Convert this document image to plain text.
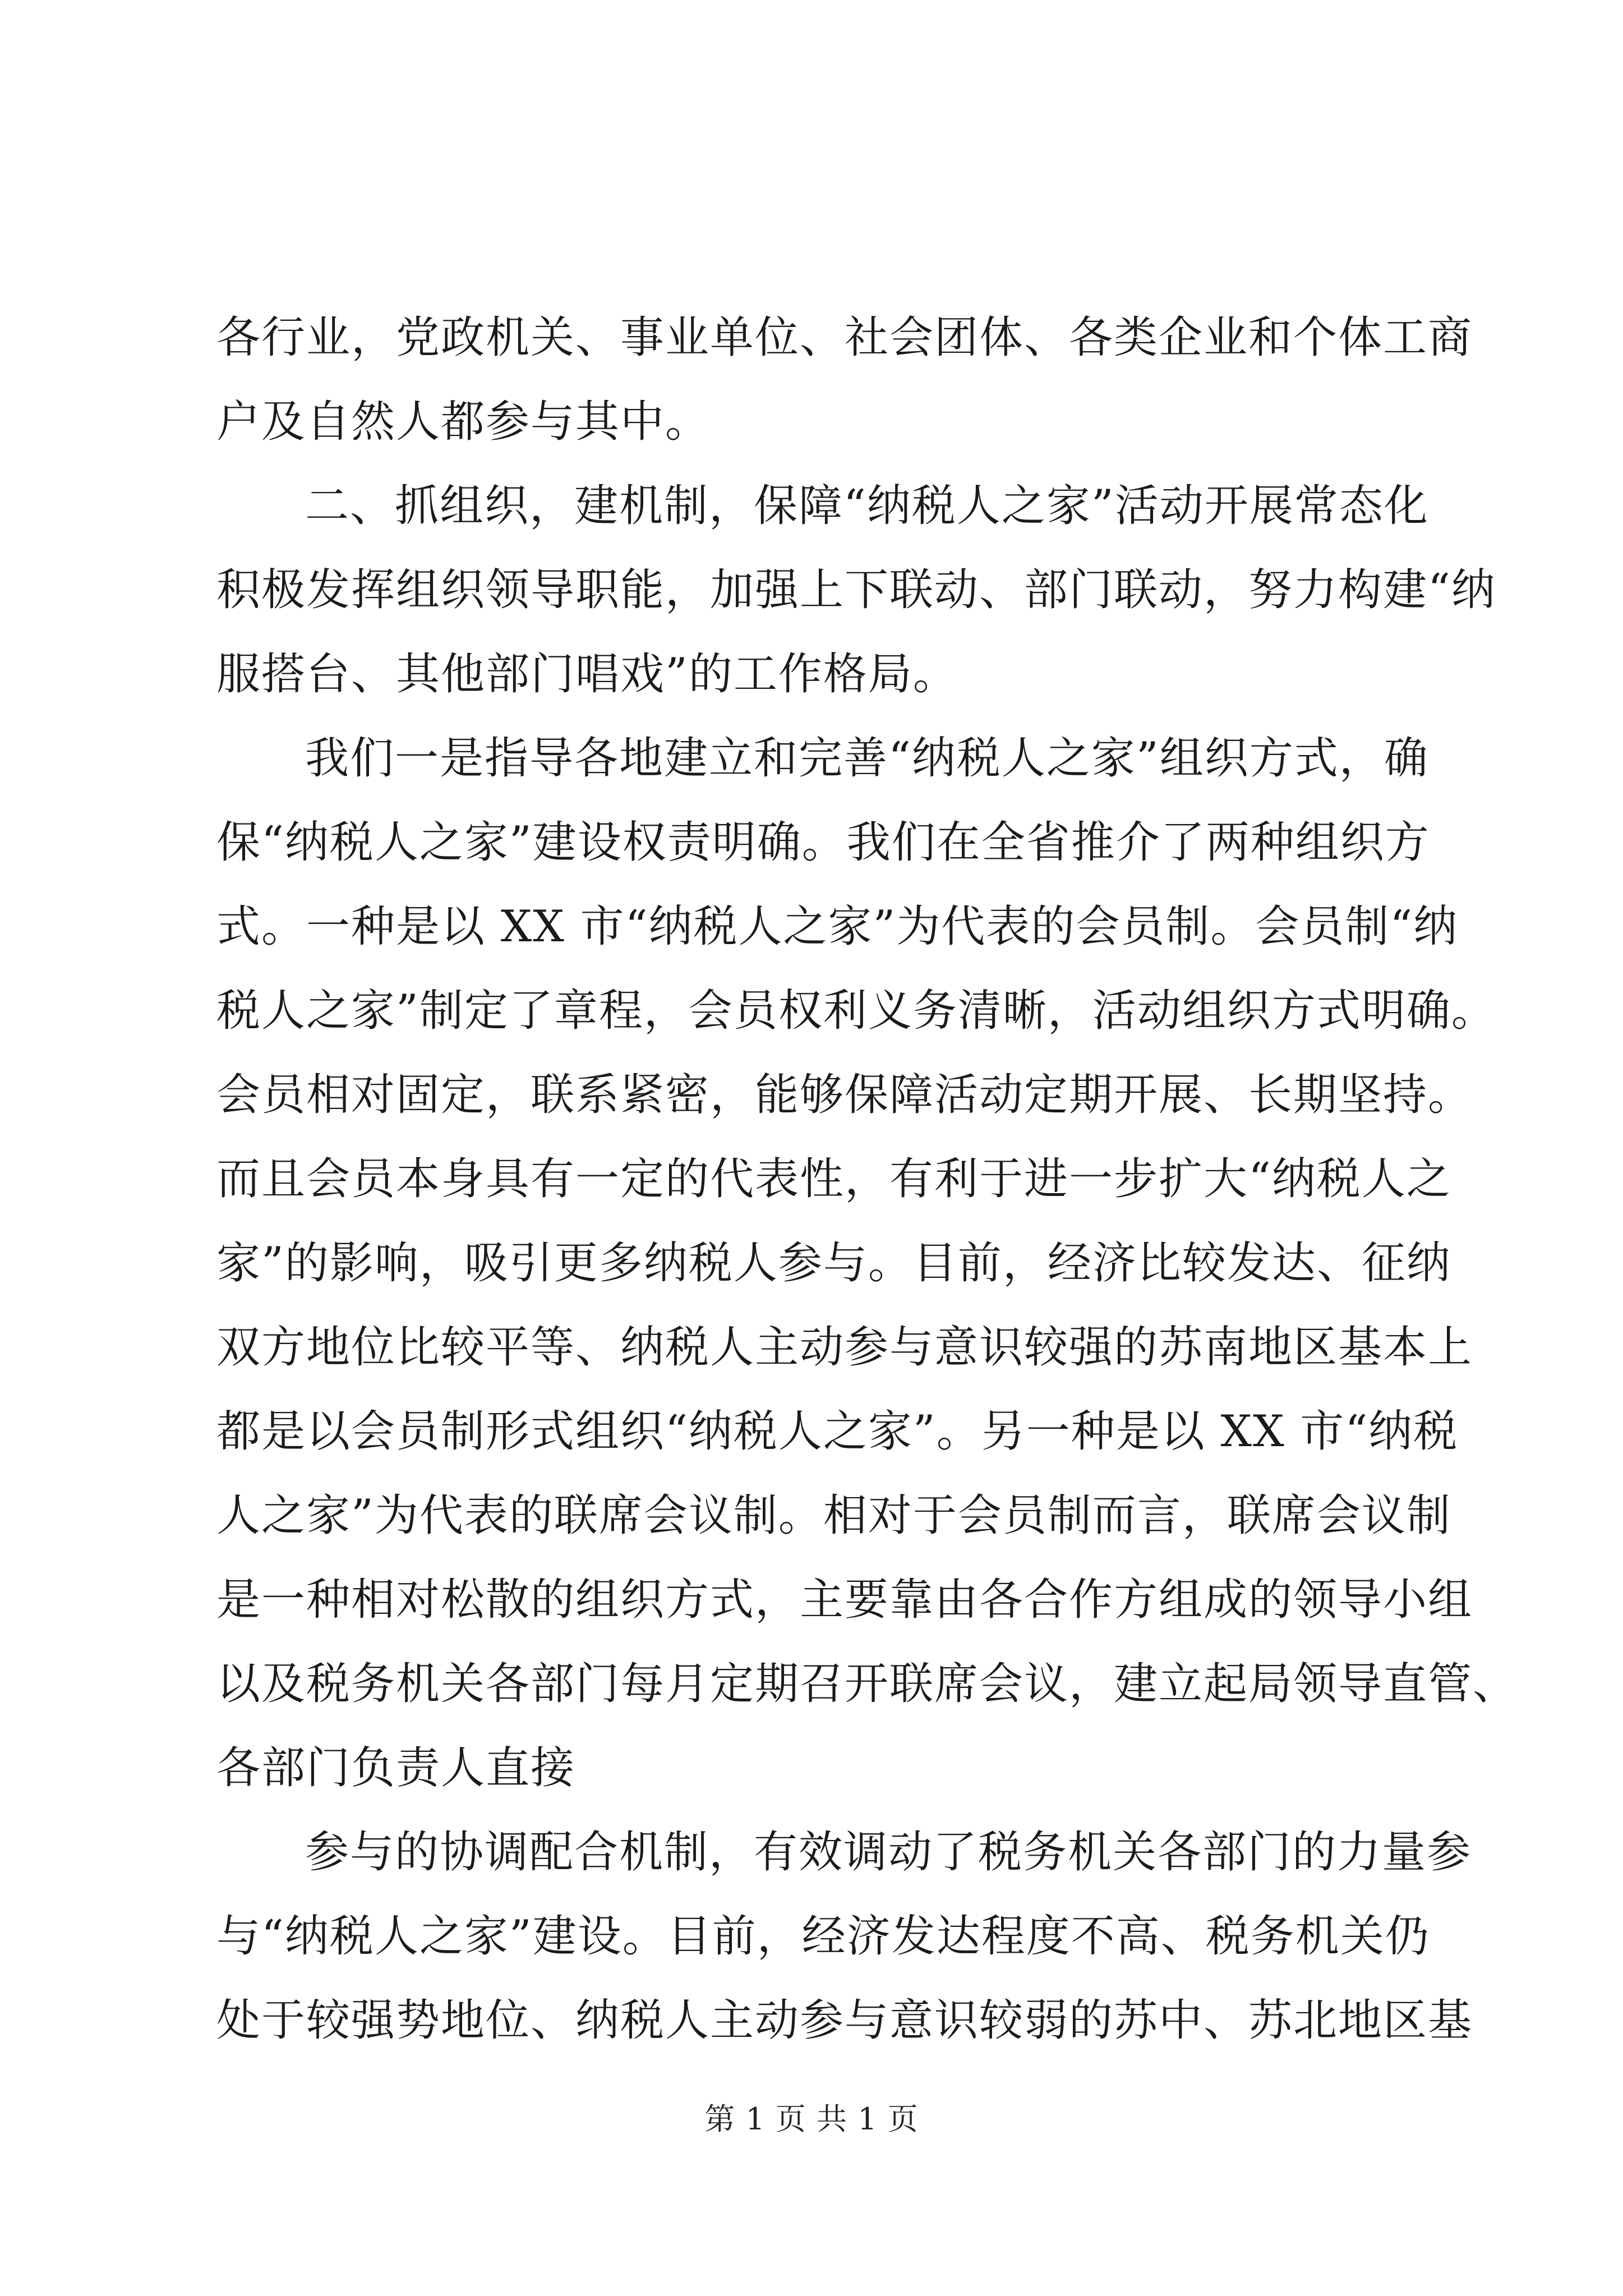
各行业，党政机关、事业单位、社会团体、各类企业和个体工商
户及自然人都参与其中。
二、抓组织，建机制，保障“纳税人之家”活动开展常态化
积极发挥组织领导职能，加强上下联动、部门联动，努力构建“纳
服搭台、其他部门唱戏”的工作格局。
我们一是指导各地建立和完善“纳税人之家”组织方式，确
保“纳税人之家”建设权责明确。我们在全省推介了两种组织方
式。一种是以 XX 市“纳税人之家”为代表的会员制。会员制“纳
税人之家”制定了章程，会员权利义务清晰，活动组织方式明确。
会员相对固定，联系紧密，能够保障活动定期开展、长期坚持。
而且会员本身具有一定的代表性，有利于进一步扩大“纳税人之
家”的影响，吸引更多纳税人参与。目前，经济比较发达、征纳
双方地位比较平等、纳税人主动参与意识较强的苏南地区基本上
都是以会员制形式组织“纳税人之家”。另一种是以 XX 市“纳税
人之家”为代表的联席会议制。相对于会员制而言，联席会议制
是一种相对松散的组织方式，主要靠由各合作方组成的领导小组
以及税务机关各部门每月定期召开联席会议，建立起局领导直管、
各部门负责人直接
参与的协调配合机制，有效调动了税务机关各部门的力量参
与“纳税人之家”建设。目前，经济发达程度不高、税务机关仍
处于较强势地位、纳税人主动参与意识较弱的苏中、苏北地区基
第 1 页 共 1 页
